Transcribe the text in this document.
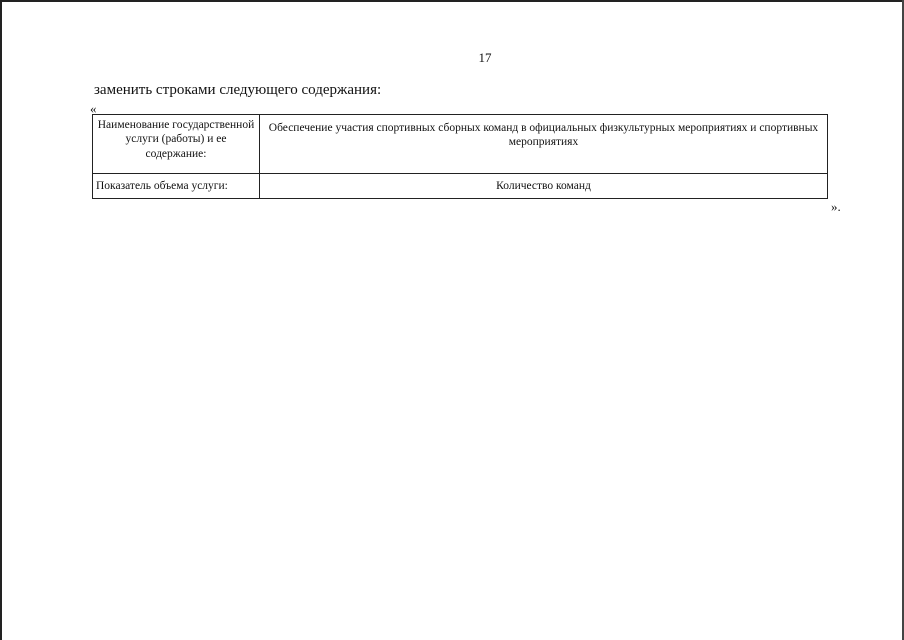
17
заменить строками следующего содержания:
«
Наименование государственной услуги (работы) и ее содержание:	Обеспечение участия спортивных сборных команд в официальных физкультурных мероприятиях и спортивных мероприятиях
Показатель объема услуги:	Количество команд
».
